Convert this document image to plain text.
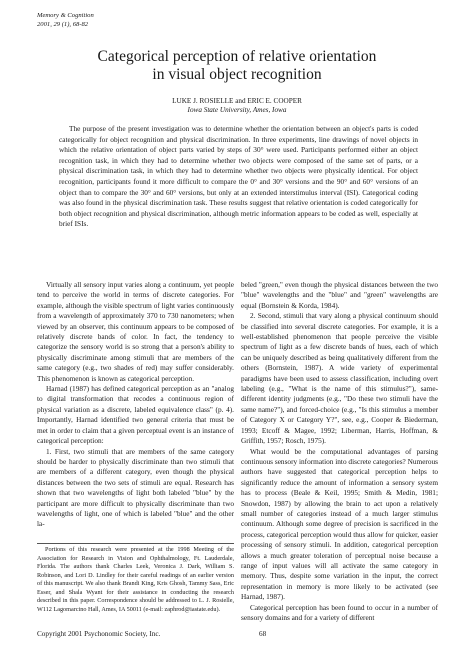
Memory & Cognition
2001, 29 (1), 68-82
Categorical perception of relative orientation
in visual object recognition
LUKE J. ROSIELLE and ERIC E. COOPER
Iowa State University, Ames, Iowa

The purpose of the present investigation was to determine whether the orientation between an object's parts is coded categorically for object recognition and physical discrimination. In three experiments, line drawings of novel objects in which the relative orientation of object parts varied by steps of 30° were used. Participants performed either an object recognition task, in which they had to determine whether two objects were composed of the same set of parts, or a physical discrimination task, in which they had to determine whether two objects were physically identical. For object recognition, participants found it more difficult to compare the 0° and 30° versions and the 90° and 60° versions of an object than to compare the 30° and 60° versions, but only at an extended interstimulus interval (ISI). Categorical coding was also found in the physical discrimination task. These results suggest that relative orientation is coded categorically for both object recognition and physical discrimination, although metric information appears to be coded as well, especially at brief ISIs.

Virtually all sensory input varies along a continuum, yet people tend to perceive the world in terms of discrete categories. For example, although the visible spectrum of light varies continuously from a wavelength of approximately 370 to 730 nanometers; when viewed by an observer, this continuum appears to be composed of relatively discrete bands of color. In fact, the tendency to categorize the sensory world is so strong that a person's ability to physically discriminate among stimuli that are members of the same category (e.g., two shades of red) may suffer considerably. This phenomenon is known as categorical perception.

Harnad (1987) has defined categorical perception as an "analog to digital transformation that recodes a continuous region of physical variation as a discrete, labeled equivalence class" (p. 4). Importantly, Harnad identified two general criteria that must be met in order to claim that a given perceptual event is an instance of categorical perception:

1. First, two stimuli that are members of the same category should be harder to physically discriminate than two stimuli that are members of a different category, even though the physical distances between the two sets of stimuli are equal. Research has shown that two wavelengths of light both labeled "blue" by the participant are more difficult to physically discriminate than two wavelengths of light, one of which is labeled "blue" and the other la-

Portions of this research were presented at the 1998 Meeting of the Association for Research in Vision and Ophthalmology, Ft. Lauderdale, Florida. The authors thank Charles Leek, Veronica J. Dark, William S. Robinson, and Lori D. Lindley for their careful readings of an earlier version of this manuscript. We also thank Brandi King, Kris Ghosh, Tammy Sass, Eric Esser, and Shala Wyant for their assistance in conducting the research described in this paper. Correspondence should be addressed to L. J. Rosielle, W112 Lagomarcino Hall, Ames, IA 50011 (e-mail: zaphrod@iastate.edu).

beled "green," even though the physical distances between the two "blue" wavelengths and the "blue" and "green" wavelengths are equal (Bornstein & Korda, 1984).

2. Second, stimuli that vary along a physical continuum should be classified into several discrete categories. For example, it is a well-established phenomenon that people perceive the visible spectrum of light as a few discrete bands of hues, each of which can be uniquely described as being qualitatively different from the others (Bornstein, 1987). A wide variety of experimental paradigms have been used to assess classification, including overt labeling (e.g., "What is the name of this stimulus?"), same-different identity judgments (e.g., "Do these two stimuli have the same name?"), and forced-choice (e.g., "Is this stimulus a member of Category X or Category Y?", see, e.g., Cooper & Biederman, 1993; Etcoff & Magee, 1992; Liberman, Harris, Hoffman, & Griffith, 1957; Rosch, 1975).

What would be the computational advantages of parsing continuous sensory information into discrete categories? Numerous authors have suggested that categorical perception helps to significantly reduce the amount of information a sensory system has to process (Beale & Keil, 1995; Smith & Medin, 1981; Snowdon, 1987) by allowing the brain to act upon a relatively small number of categories instead of a much larger stimulus continuum. Although some degree of precision is sacrificed in the process, categorical perception would thus allow for quicker, easier processing of sensory stimuli. In addition, categorical perception allows a much greater toleration of perceptual noise because a range of input values will all activate the same category in memory. Thus, despite some variation in the input, the correct representation in memory is more likely to be activated (see Harnad, 1987).

Categorical perception has been found to occur in a number of sensory domains and for a variety of different

Copyright 2001 Psychonomic Society, Inc.	68
